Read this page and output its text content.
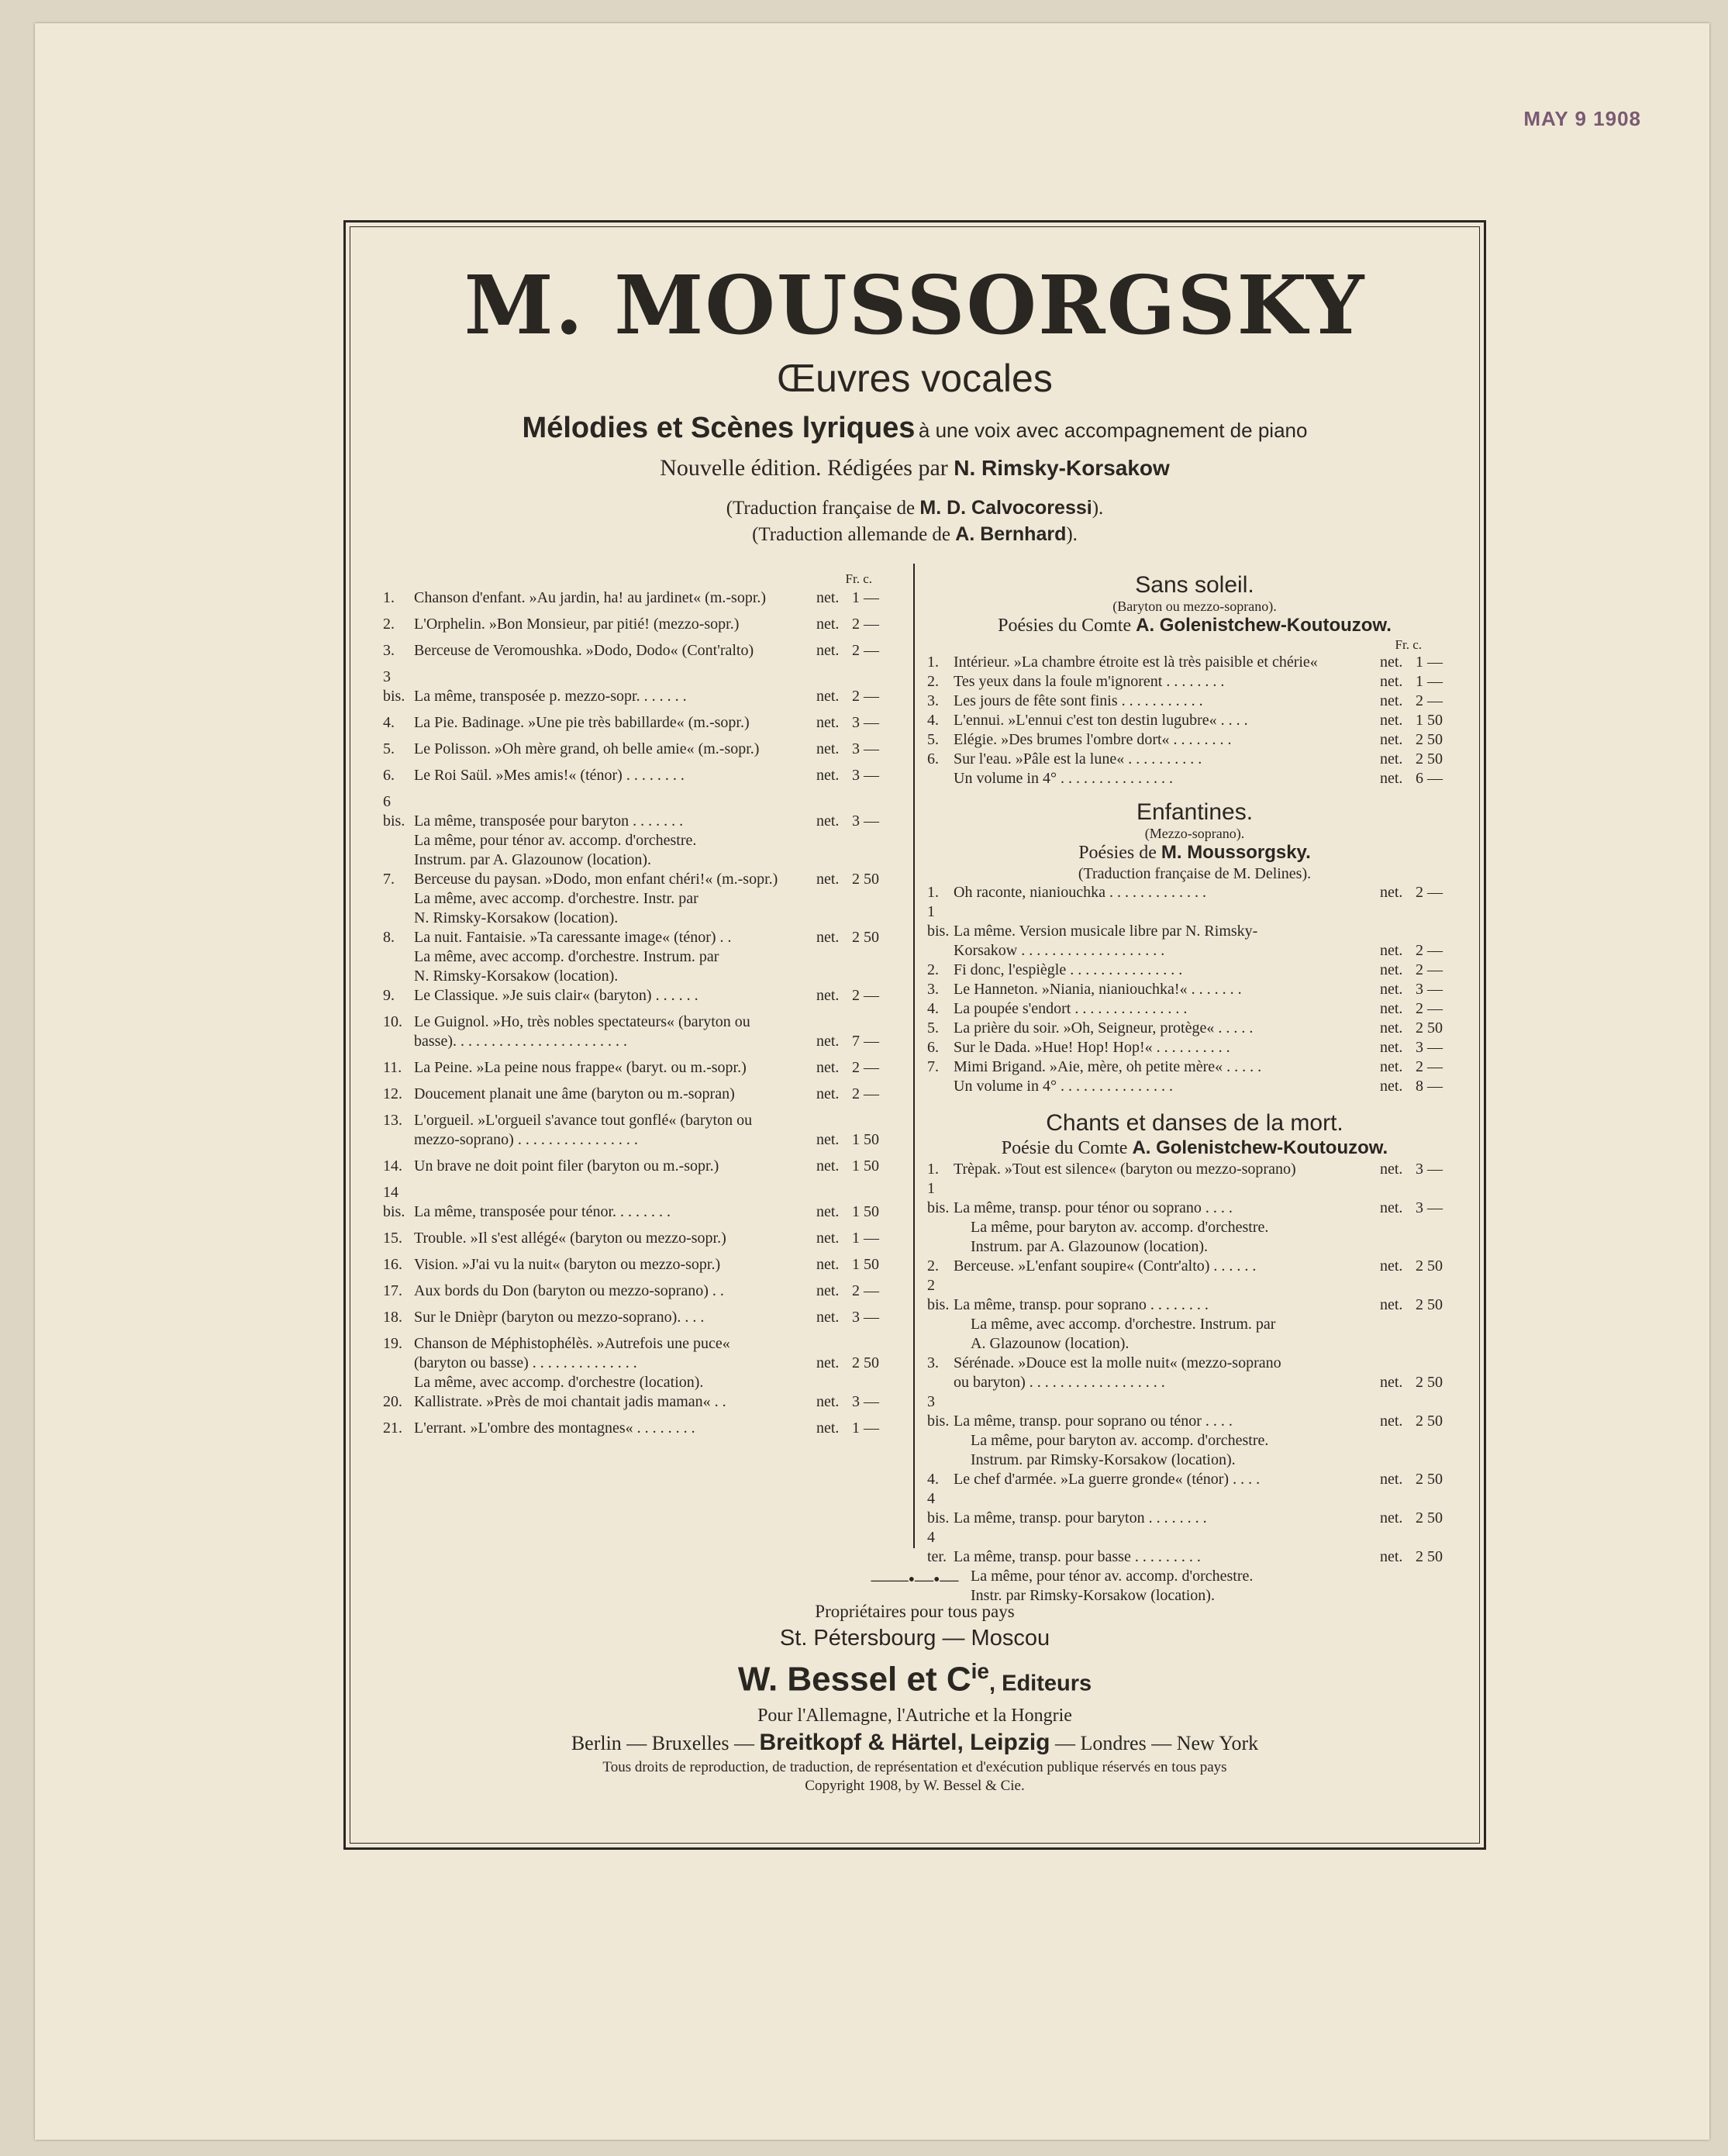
MAY 9 1908
M. MOUSSORGSKY
Œuvres vocales
Mélodies et Scènes lyriques à une voix avec accompagnement de piano
Nouvelle édition. Rédigées par N. Rimsky-Korsakow
(Traduction française de M. D. Calvocoressi).
(Traduction allemande de A. Bernhard).
Fr. c.
1.	Chanson d'enfant. »Au jardin, ha! au jardinet« (m.-sopr.)	net. 1 —
2.	L'Orphelin. »Bon Monsieur, par pitié! (mezzo-sopr.)	net. 2 —
3.	Berceuse de Veromoushka. »Dodo, Dodo« (Cont'ralto)	net. 2 —
3 bis. La même, transposée p. mezzo-sopr. . . . . . .	net. 2 —
4.	La Pie. Badinage. »Une pie très babillarde« (m.-sopr.)	net. 3 —
5.	Le Polisson. »Oh mère grand, oh belle amie« (m.-sopr.)	net. 3 —
6.	Le Roi Saül. »Mes amis!« (ténor) . . . . . . . .	net. 3 —
6 bis. La même, transposée pour baryton . . . . . . .	net. 3 —
La même, pour ténor av. accomp. d'orchestre.
Instrum. par A. Glazounow (location).
7.	Berceuse du paysan. »Dodo, mon enfant chéri!« (m.-sopr.)	net. 2 50
La même, avec accomp. d'orchestre. Instr. par
N. Rimsky-Korsakow (location).
8.	La nuit. Fantaisie. »Ta caressante image« (ténor) . .	net. 2 50
La même, avec accomp. d'orchestre. Instrum. par
N. Rimsky-Korsakow (location).
9.	Le Classique. »Je suis clair« (baryton) . . . . . .	net. 2 —
10. Le Guignol. »Ho, très nobles spectateurs« (baryton ou
basse). . . . . . . . . . . . . . . . . . . . . . .	net. 7 —
11. La Peine. »La peine nous frappe« (baryt. ou m.-sopr.)	net. 2 —
12. Doucement planait une âme (baryton ou m.-sopran)	net. 2 —
13. L'orgueil. »L'orgueil s'avance tout gonflé« (baryton ou
mezzo-soprano) . . . . . . . . . . . . . . . .	net. 1 50
14. Un brave ne doit point filer (baryton ou m.-sopr.)	net. 1 50
14 bis. La même, transposée pour ténor. . . . . . . .	net. 1 50
15. Trouble. »Il s'est allégé« (baryton ou mezzo-sopr.)	net. 1 —
16. Vision. »J'ai vu la nuit« (baryton ou mezzo-sopr.)	net. 1 50
17. Aux bords du Don (baryton ou mezzo-soprano) . .	net. 2 —
18. Sur le Dnièpr (baryton ou mezzo-soprano). . . .	net. 3 —
19. Chanson de Méphistophélès. »Autrefois une puce«
(baryton ou basse) . . . . . . . . . . . . . .	net. 2 50
La même, avec accomp. d'orchestre (location).
20. Kallistrate. »Près de moi chantait jadis maman« . .	net. 3 —
21. L'errant. »L'ombre des montagnes« . . . . . . . .	net. 1 —
Sans soleil.
(Baryton ou mezzo-soprano).
Poésies du Comte A. Golenistchew-Koutouzow.
Fr. c.
1. Intérieur. »La chambre étroite est là très paisible et chérie«	net. 1 —
2. Tes yeux dans la foule m'ignorent . . . . . . . .	net. 1 —
3. Les jours de fête sont finis . . . . . . . . . . .	net. 2 —
4. L'ennui. »L'ennui c'est ton destin lugubre« . . . .	net. 1 50
5. Elégie. »Des brumes l'ombre dort« . . . . . . . .	net. 2 50
6. Sur l'eau. »Pâle est la lune« . . . . . . . . . .	net. 2 50
Un volume in 4° . . . . . . . . . . . . . . .	net. 6 —
Enfantines.
(Mezzo-soprano).
Poésies de M. Moussorgsky.
(Traduction française de M. Delines).
1. Oh raconte, nianiouchka . . . . . . . . . . . . .	net. 2 —
1 bis. La même. Version musicale libre par N. Rimsky-
Korsakow . . . . . . . . . . . . . . . . . . .	net. 2 —
2. Fi donc, l'espiègle . . . . . . . . . . . . . . .	net. 2 —
3. Le Hanneton. »Niania, nianiouchka!« . . . . . . .	net. 3 —
4. La poupée s'endort . . . . . . . . . . . . . . .	net. 2 —
5. La prière du soir. »Oh, Seigneur, protège« . . . . .	net. 2 50
6. Sur le Dada. »Hue! Hop! Hop!« . . . . . . . . . .	net. 3 —
7. Mimi Brigand. »Aie, mère, oh petite mère« . . . . .	net. 2 —
Un volume in 4° . . . . . . . . . . . . . . .	net. 8 —
Chants et danses de la mort.
Poésie du Comte A. Golenistchew-Koutouzow.
1. Trèpak. »Tout est silence« (baryton ou mezzo-soprano)	net. 3 —
1 bis. La même, transp. pour ténor ou soprano . . . .	net. 3 —
La même, pour baryton av. accomp. d'orchestre.
Instrum. par A. Glazounow (location).
2. Berceuse. »L'enfant soupire« (Contr'alto) . . . . . .	net. 2 50
2 bis. La même, transp. pour soprano . . . . . . . .	net. 2 50
La même, avec accomp. d'orchestre. Instrum. par
A. Glazounow (location).
3. Sérénade. »Douce est la molle nuit« (mezzo-soprano
ou baryton) . . . . . . . . . . . . . . . . . .	net. 2 50
3 bis. La même, transp. pour soprano ou ténor . . . .	net. 2 50
La même, pour baryton av. accomp. d'orchestre.
Instrum. par Rimsky-Korsakow (location).
4. Le chef d'armée. »La guerre gronde« (ténor) . . . .	net. 2 50
4 bis. La même, transp. pour baryton . . . . . . . .	net. 2 50
4 ter. La même, transp. pour basse . . . . . . . . .	net. 2 50
La même, pour ténor av. accomp. d'orchestre.
Instr. par Rimsky-Korsakow (location).
——•—•—
Propriétaires pour tous pays
St. Pétersbourg — Moscou
W. Bessel et $C^{ie}$, Editeurs
Pour l'Allemagne, l'Autriche et la Hongrie
Berlin — Bruxelles — Breitkopf & Härtel, Leipzig — Londres — New York
Tous droits de reproduction, de traduction, de représentation et d'exécution publique réservés en tous pays
Copyright 1908, by W. Bessel & Cie.
